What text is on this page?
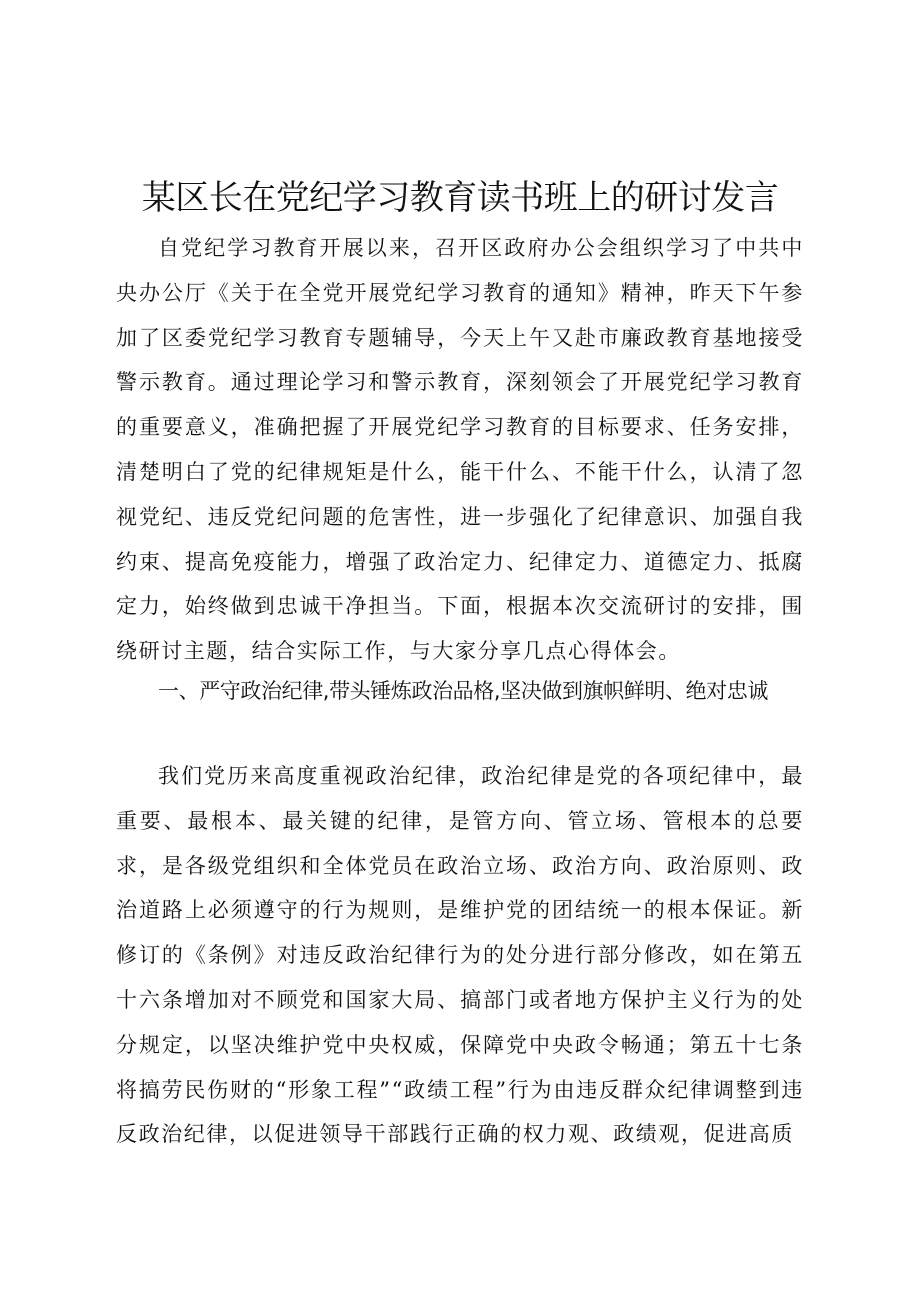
某区长在党纪学习教育读书班上的研讨发言

自党纪学习教育开展以来，召开区政府办公会组织学习了中共中央办公厅《关于在全党开展党纪学习教育的通知》精神，昨天下午参加了区委党纪学习教育专题辅导，今天上午又赴市廉政教育基地接受警示教育。通过理论学习和警示教育，深刻领会了开展党纪学习教育的重要意义，准确把握了开展党纪学习教育的目标要求、任务安排，清楚明白了党的纪律规矩是什么，能干什么、不能干什么，认清了忽视党纪、违反党纪问题的危害性，进一步强化了纪律意识、加强自我约束、提高免疫能力，增强了政治定力、纪律定力、道德定力、抵腐定力，始终做到忠诚干净担当。下面，根据本次交流研讨的安排，围绕研讨主题，结合实际工作，与大家分享几点心得体会。

一、严守政治纪律,带头锤炼政治品格,坚决做到旗帜鲜明、绝对忠诚

我们党历来高度重视政治纪律，政治纪律是党的各项纪律中，最重要、最根本、最关键的纪律，是管方向、管立场、管根本的总要求，是各级党组织和全体党员在政治立场、政治方向、政治原则、政治道路上必须遵守的行为规则，是维护党的团结统一的根本保证。新修订的《条例》对违反政治纪律行为的处分进行部分修改，如在第五十六条增加对不顾党和国家大局、搞部门或者地方保护主义行为的处分规定，以坚决维护党中央权威，保障党中央政令畅通；第五十七条将搞劳民伤财的“形象工程”“政绩工程”行为由违反群众纪律调整到违反政治纪律，以促进领导干部践行正确的权力观、政绩观，促进高质
